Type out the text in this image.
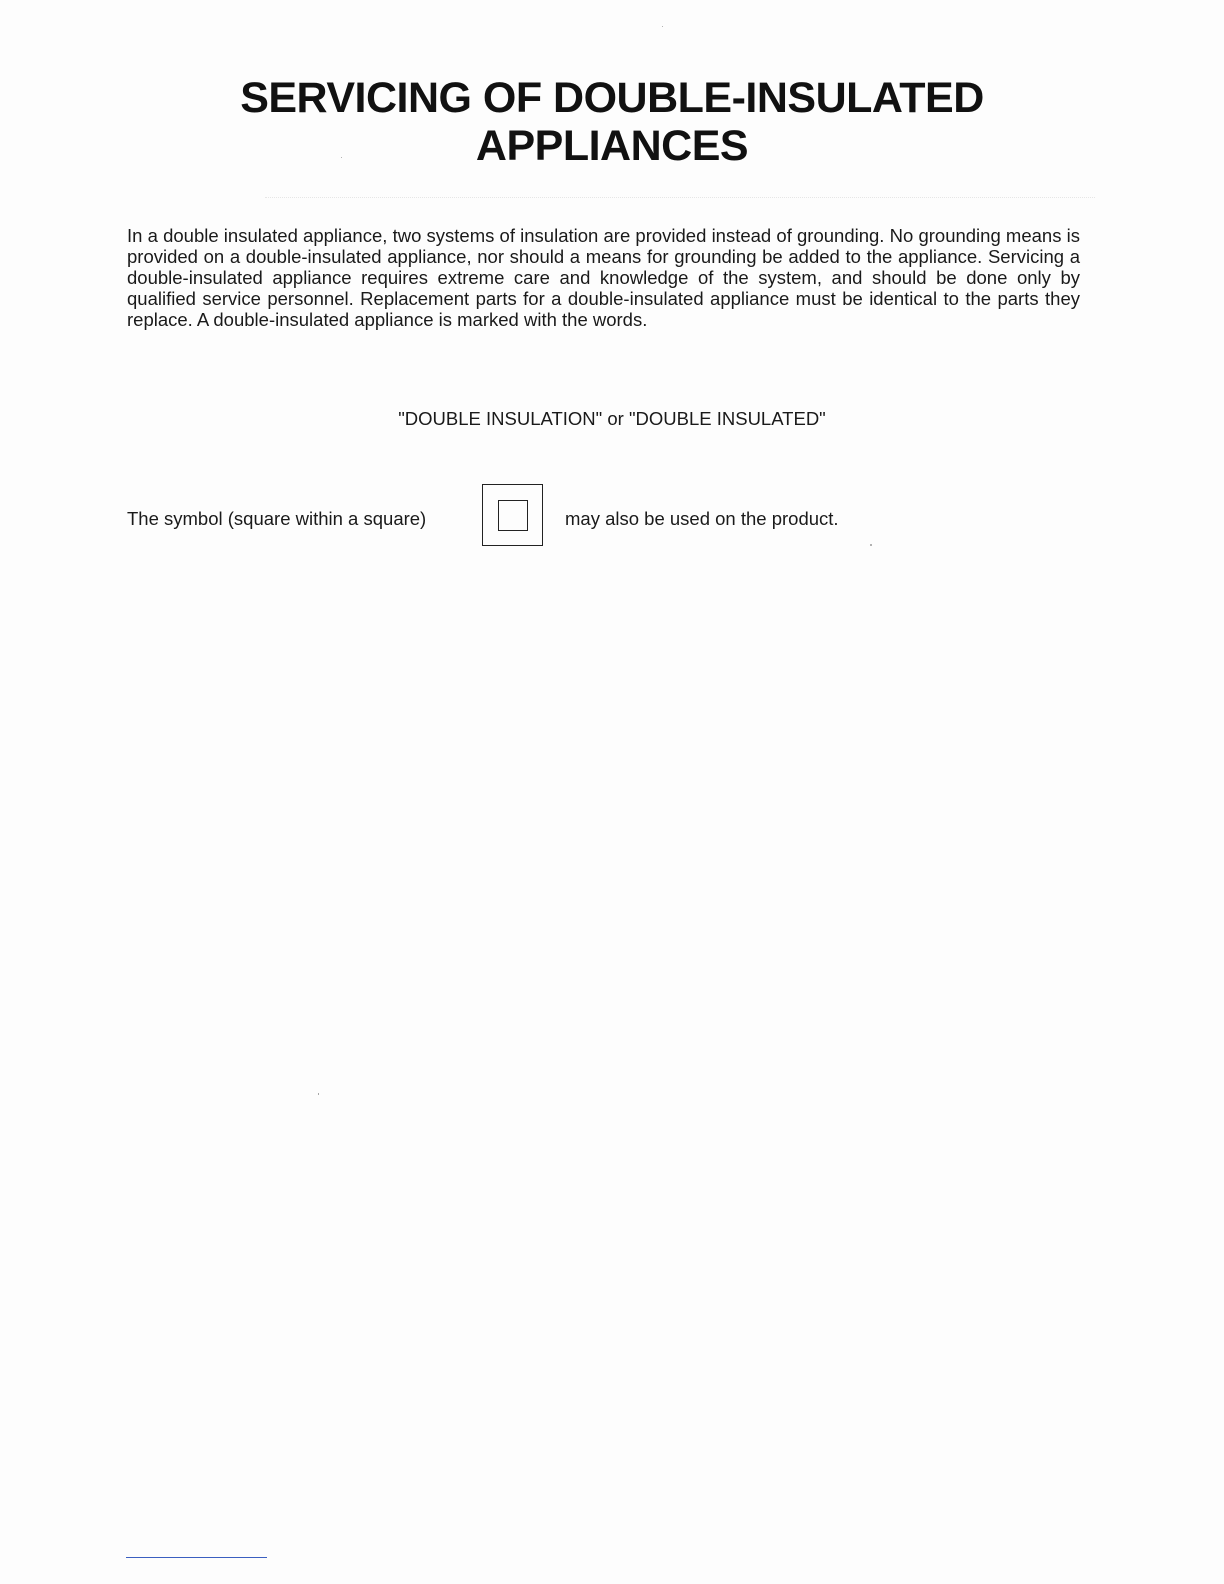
SERVICING OF DOUBLE-INSULATED
APPLIANCES

In a double insulated appliance, two systems of insulation are provided instead of grounding. No grounding means is provided on a double-insulated appliance, nor should a means for grounding be added to the appliance. Servicing a double-insulated appliance requires extreme care and knowledge of the system, and should be done only by qualified service personnel. Replacement parts for a double-insulated appliance must be identical to the parts they replace. A double-insulated appliance is marked with the words.

"DOUBLE INSULATION" or "DOUBLE INSULATED"

The symbol (square within a square)	may also be used on the product.
